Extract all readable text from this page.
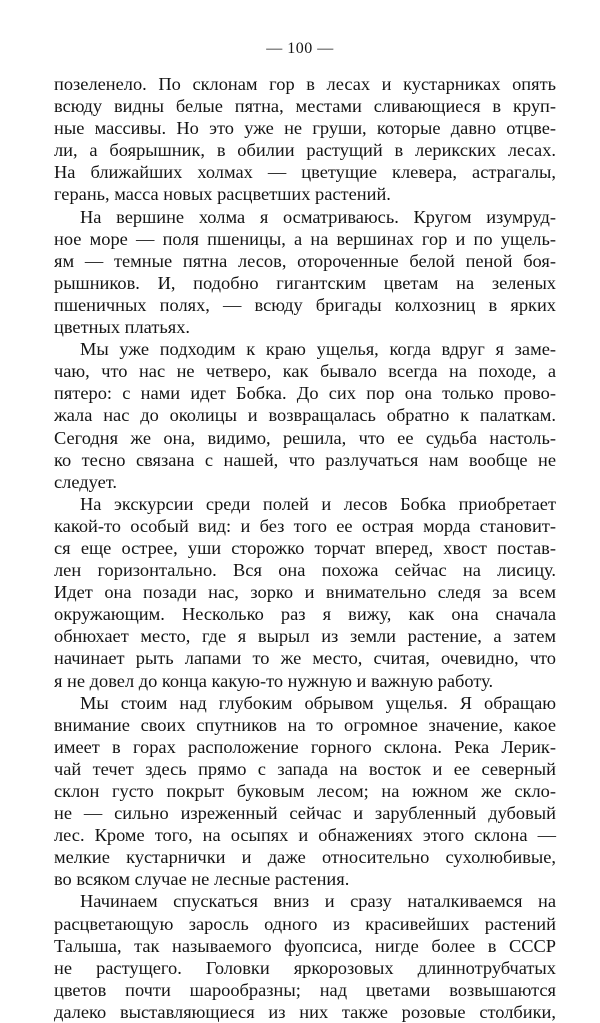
— 100 —
позеленело. По склонам гор в лесах и кустарниках опять
всюду видны белые пятна, местами сливающиеся в круп-
ные массивы. Но это уже не груши, которые давно отцве-
ли, а боярышник, в обилии растущий в лерикских лесах.
На ближайших холмах — цветущие клевера, астрагалы,
герань, масса новых расцветших растений.
На вершине холма я осматриваюсь. Кругом изумруд-
ное море — поля пшеницы, а на вершинах гор и по ущель-
ям — темные пятна лесов, отороченные белой пеной боя-
рышников. И, подобно гигантским цветам на зеленых
пшеничных полях, — всюду бригады колхозниц в ярких
цветных платьях.
Мы уже подходим к краю ущелья, когда вдруг я заме-
чаю, что нас не четверо, как бывало всегда на походе, а
пятеро: с нами идет Бобка. До сих пор она только прово-
жала нас до околицы и возвращалась обратно к палаткам.
Сегодня же она, видимо, решила, что ее судьба настоль-
ко тесно связана с нашей, что разлучаться нам вообще не
следует.
На экскурсии среди полей и лесов Бобка приобретает
какой-то особый вид: и без того ее острая морда становит-
ся еще острее, уши сторожко торчат вперед, хвост постав-
лен горизонтально. Вся она похожа сейчас на лисицу.
Идет она позади нас, зорко и внимательно следя за всем
окружающим. Несколько раз я вижу, как она сначала
обнюхает место, где я вырыл из земли растение, а затем
начинает рыть лапами то же место, считая, очевидно, что
я не довел до конца какую-то нужную и важную работу.
Мы стоим над глубоким обрывом ущелья. Я обращаю
внимание своих спутников на то огромное значение, какое
имеет в горах расположение горного склона. Река Лерик-
чай течет здесь прямо с запада на восток и ее северный
склон густо покрыт буковым лесом; на южном же скло-
не — сильно изреженный сейчас и зарубленный дубовый
лес. Кроме того, на осыпях и обнажениях этого склона —
мелкие кустарнички и даже относительно сухолюбивые,
во всяком случае не лесные растения.
Начинаем спускаться вниз и сразу наталкиваемся на
расцветающую заросль одного из красивейших растений
Талыша, так называемого фуопсиса, нигде более в СССР
не растущего. Головки яркорозовых длиннотрубчатых
цветов почти шарообразны; над цветами возвышаются
далеко выставляющиеся из них также розовые столбики,
